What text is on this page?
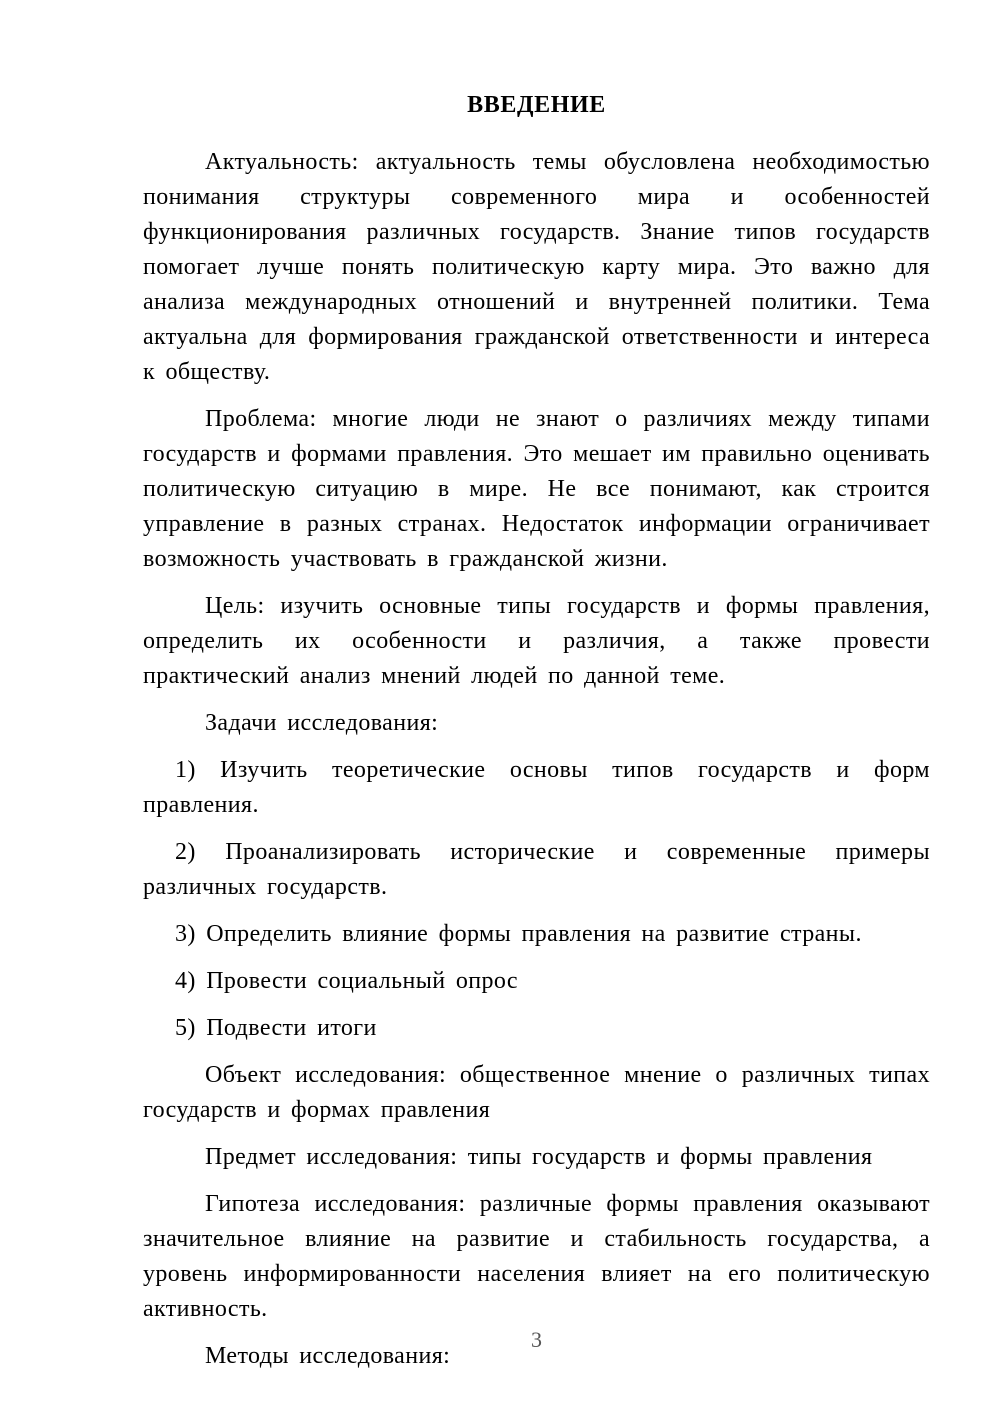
ВВЕДЕНИЕ

Актуальность: актуальность темы обусловлена необходимостью понимания структуры современного мира и особенностей функционирования различных государств. Знание типов государств помогает лучше понять политическую карту мира. Это важно для анализа международных отношений и внутренней политики. Тема актуальна для формирования гражданской ответственности и интереса к обществу.

Проблема: многие люди не знают о различиях между типами государств и формами правления. Это мешает им правильно оценивать политическую ситуацию в мире. Не все понимают, как строится управление в разных странах. Недостаток информации ограничивает возможность участвовать в гражданской жизни.

Цель: изучить основные типы государств и формы правления, определить их особенности и различия, а также провести практический анализ мнений людей по данной теме.

Задачи исследования:

1) Изучить теоретические основы типов государств и форм правления.

2) Проанализировать исторические и современные примеры различных государств.

3) Определить влияние формы правления на развитие страны.

4) Провести социальный опрос

5) Подвести итоги

Объект исследования: общественное мнение о различных типах государств и формах правления

Предмет исследования: типы государств и формы правления

Гипотеза исследования: различные формы правления оказывают значительное влияние на развитие и стабильность государства, а уровень информированности населения влияет на его политическую активность.

Методы исследования:

3
